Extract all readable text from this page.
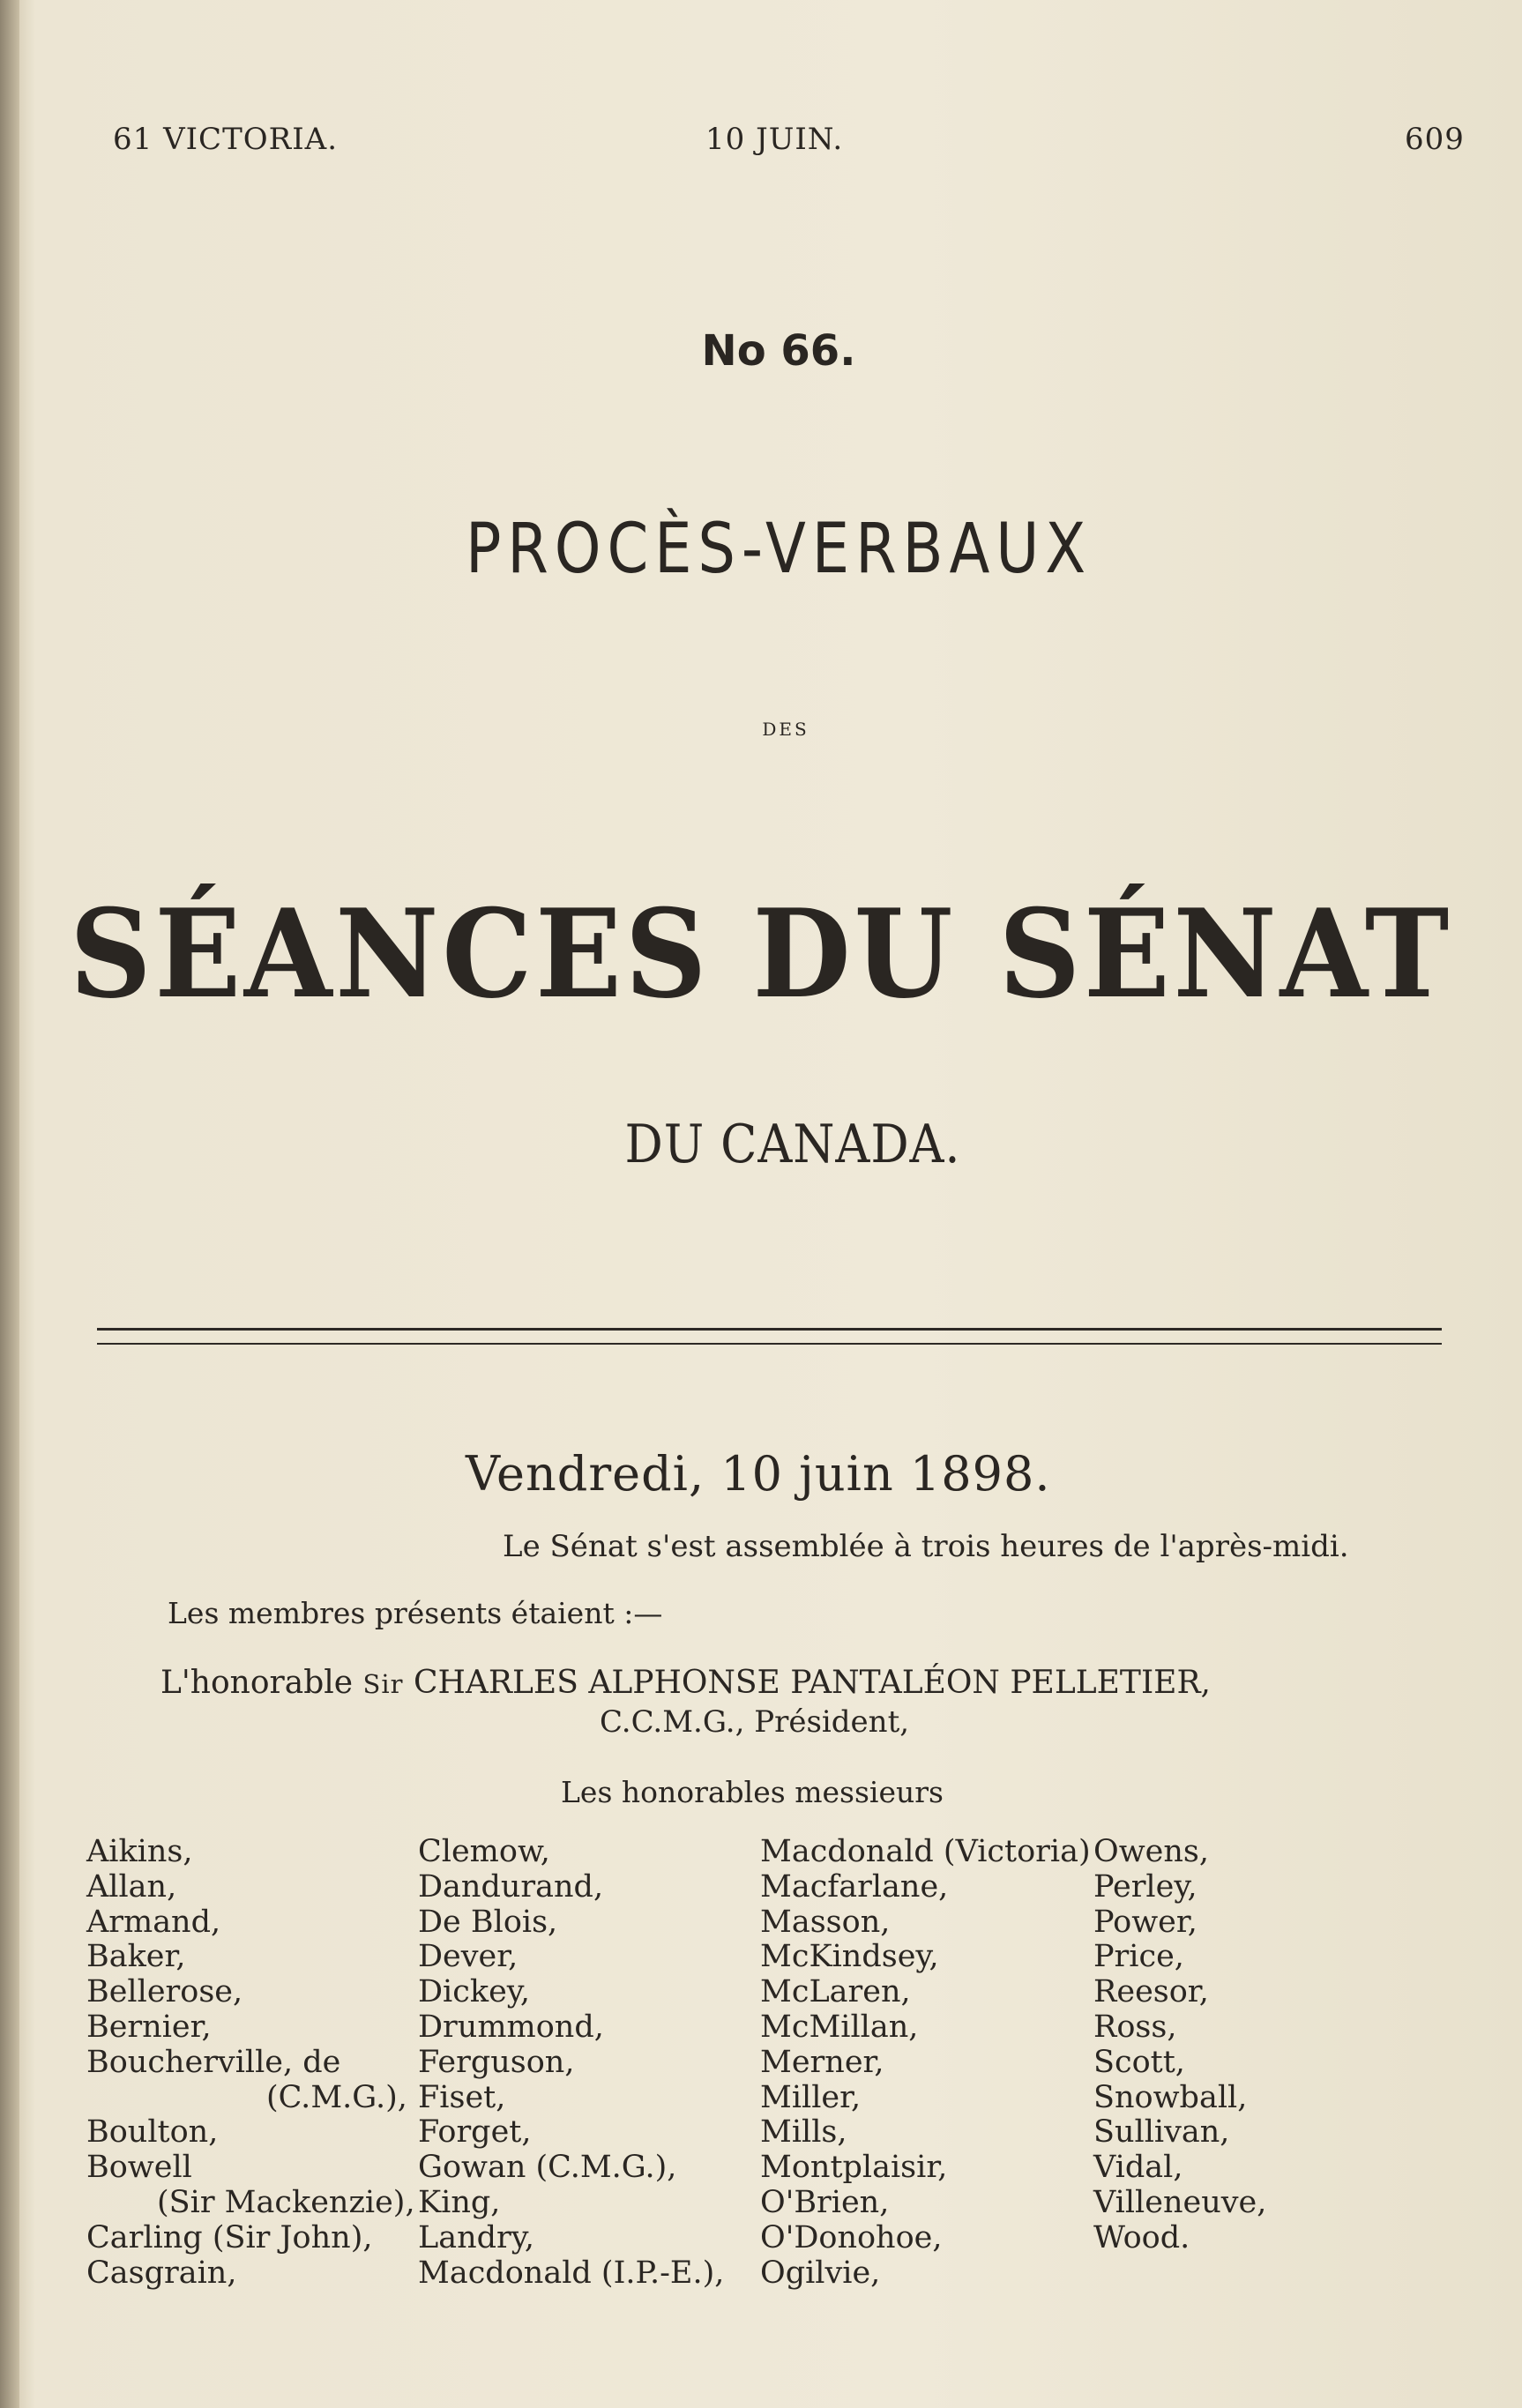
61 VICTORIA.	10 JUIN.	609
No 66.
PROCÈS-VERBAUX
DES
SÉANCES DU SÉNAT
DU CANADA.
Vendredi, 10 juin 1898.
Le Sénat s'est assemblée à trois heures de l'après-midi.
Les membres présents étaient :—
L'honorable Sir CHARLES ALPHONSE PANTALÉON PELLETIER,
C.C.M.G., Président,
Les honorables messieurs
Aikins,
Allan,
Armand,
Baker,
Bellerose,
Bernier,
Boucherville, de
(C.M.G.),
Boulton,
Bowell
(Sir Mackenzie),
Carling (Sir John),
Casgrain,
Clemow,
Dandurand,
De Blois,
Dever,
Dickey,
Drummond,
Ferguson,
Fiset,
Forget,
Gowan (C.M.G.),
King,
Landry,
Macdonald (I.P.-E.),
Macdonald (Victoria)
Macfarlane,
Masson,
McKindsey,
McLaren,
McMillan,
Merner,
Miller,
Mills,
Montplaisir,
O'Brien,
O'Donohoe,
Ogilvie,
Owens,
Perley,
Power,
Price,
Reesor,
Ross,
Scott,
Snowball,
Sullivan,
Vidal,
Villeneuve,
Wood.
